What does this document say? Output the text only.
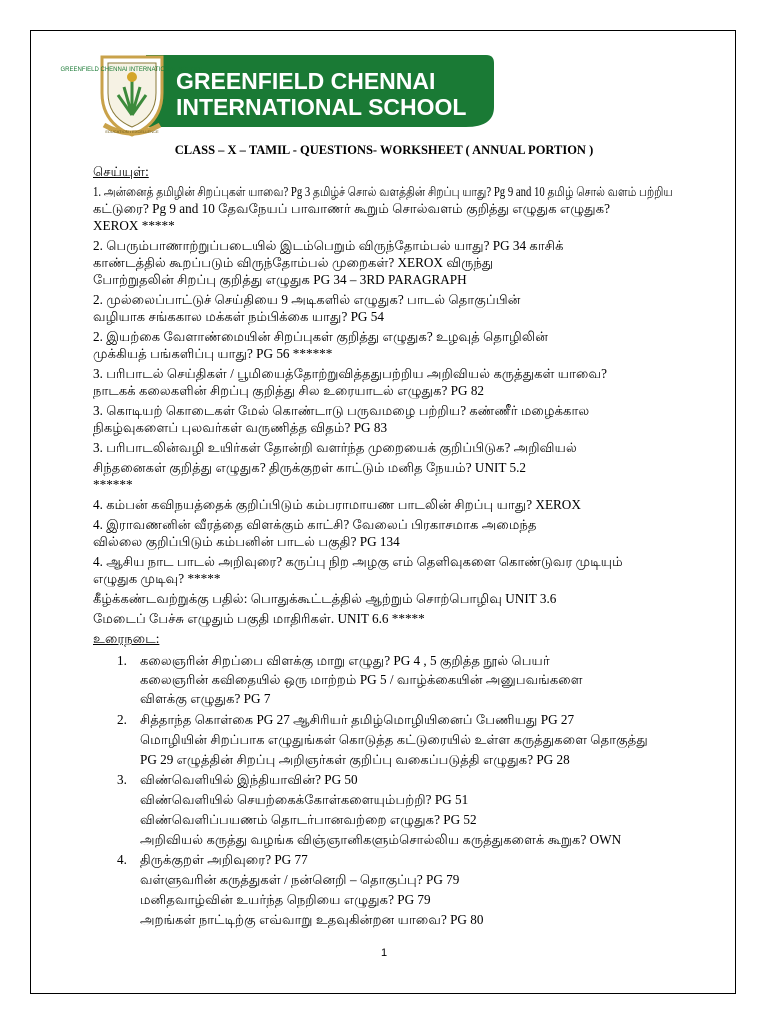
GREENFIELD CHENNAI INTERNATIONAL SCHOOL
EDUCATION • EXCELLENCE
GREENFIELD CHENNAI
INTERNATIONAL SCHOOL
CLASS – X – TAMIL - QUESTIONS- WORKSHEET ( ANNUAL PORTION )
செய்யுள்:
1. அன்னைத் தமிழின் சிறப்புகள் யாவை? Pg 3 தமிழ்ச் சொல் வளத்தின் சிறப்பு யாது? Pg 9 and 10 தமிழ் சொல் வளம் பற்றிய
கட்டுரை? Pg 9 and 10 தேவநேயப் பாவாணர் கூறும் சொல்வளம் குறித்து எழுதுக எழுதுக?
XEROX *****
2. பெரும்பாணாற்றுப்படையில் இடம்பெறும் விருந்தோம்பல் யாது? PG 34 காசிக்
காண்டத்தில் கூறப்படும் விருந்தோம்பல் முறைகள்? XEROX விருந்து
போற்றுதலின் சிறப்பு குறித்து எழுதுக PG 34 – 3RD PARAGRAPH
2. முல்லைப்பாட்டுச் செய்தியை 9 அடிகளில் எழுதுக? பாடல் தொகுப்பின்
வழியாக சங்ககால மக்கள் நம்பிக்கை யாது? PG 54
2. இயற்கை வேளாண்மையின் சிறப்புகள் குறித்து எழுதுக? உழவுத் தொழிலின்
முக்கியத் பங்களிப்பு யாது? PG 56 ******
3. பரிபாடல் செய்திகள் / பூமியைத்தோற்றுவித்ததுபற்றிய அறிவியல் கருத்துகள் யாவை?
நாடகக் கலைகளின் சிறப்பு குறித்து சில உரையாடல் எழுதுக? PG 82
3. கொடியற் கொடைகள் மேல் கொண்டாடு பருவமழை பற்றிய? கண்ணீர் மழைக்கால
நிகழ்வுகளைப் புலவர்கள் வருணித்த விதம்? PG 83
3. பரிபாடலின்வழி உயிர்கள் தோன்றி வளர்ந்த முறையைக் குறிப்பிடுக? அறிவியல்
சிந்தனைகள் குறித்து எழுதுக? திருக்குறள் காட்டும் மனித நேயம்? UNIT 5.2
******
4. கம்பன் கவிநயத்தைக் குறிப்பிடும் கம்பராமாயண பாடலின் சிறப்பு யாது? XEROX
4. இராவணனின் வீரத்தை விளக்கும் காட்சி? வேலைப் பிரகாசமாக அமைந்த
வில்லை குறிப்பிடும் கம்பனின் பாடல் பகுதி? PG 134
4. ஆசிய நாட பாடல் அறிவுரை? கருப்பு நிற அழகு எம் தெளிவுகளை கொண்டுவர முடியும்
எழுதுக முடிவு? *****
கீழ்க்கண்டவற்றுக்கு பதில்: பொதுக்கூட்டத்தில் ஆற்றும் சொற்பொழிவு UNIT 3.6
மேடைப் பேச்சு எழுதும் பகுதி மாதிரிகள். UNIT 6.6 *****
உரைநடை:
1. கலைஞரின் சிறப்பை விளக்கு மாறு எழுது? PG 4 , 5 குறித்த நூல் பெயர்
கலைஞரின் கவிதையில் ஒரு மாற்றம் PG 5 / வாழ்க்கையின் அனுபவங்களை
விளக்கு எழுதுக? PG 7
2. சித்தாந்த கொள்கை PG 27 ஆசிரியர் தமிழ்மொழியினைப் பேணியது PG 27
மொழியின் சிறப்பாக எழுதுங்கள் கொடுத்த கட்டுரையில் உள்ள கருத்துகளை தொகுத்து
PG 29 எழுத்தின் சிறப்பு அறிஞர்கள் குறிப்பு வகைப்படுத்தி எழுதுக? PG 28
3. விண்வெளியில் இந்தியாவின்? PG 50
விண்வெளியில் செயற்கைக்கோள்களையும்பற்றி? PG 51
விண்வெளிப்பயணம் தொடர்பானவற்றை எழுதுக? PG 52
அறிவியல் கருத்து வழங்க விஞ்ஞானிகளும்சொல்லிய கருத்துகளைக் கூறுக? OWN
4. திருக்குறள் அறிவுரை? PG 77
வள்ளுவரின் கருத்துகள் / நன்னெறி – தொகுப்பு? PG 79
மனிதவாழ்வின் உயர்ந்த நெறியை எழுதுக? PG 79
அறங்கள் நாட்டிற்கு எவ்வாறு உதவுகின்றன யாவை? PG 80
1
